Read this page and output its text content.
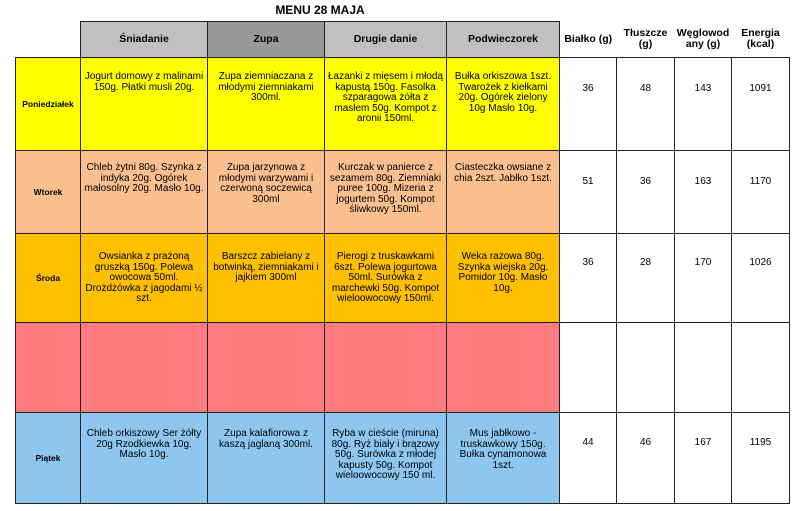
MENU 28 MAJA
	Śniadanie	Zupa	Drugie danie	Podwieczorek	Białko (g)	Tłuszcze (g)	Węglowod any (g)	Energia (kcal)
Poniedziałek	Jogurt domowy z malinami 150g. Płatki musli 20g.	Zupa ziemniaczana z młodymi ziemniakami 300ml.	Łazanki z mięsem i młodą kapustą 150g. Fasolka szparagowa żółta z masłem 50g. Kompot z aronii 150ml.	Bułka orkiszowa 1szt. Twarożek z kiełkami 20g. Ogórek zielony 10g Masło 10g.	36	48	143	1091
Wtorek	Chleb żytni 80g. Szynka z indyka 20g. Ogórek małosolny 20g. Masło 10g.	Zupa jarzynowa z młodymi warzywami i czerwoną soczewicą 300ml	Kurczak w panierce z sezamem 80g. Ziemniaki puree 100g. Mizeria z jogurtem 50g. Kompot śliwkowy 150ml.	Ciasteczka owsiane z chia 2szt. Jabłko 1szt.	51	36	163	1170
Środa	Owsianka z prażoną gruszką 150g. Polewa owocowa 50ml. Drożdżówka z jagodami ½ szt.	Barszcz zabielany z botwinką, ziemniakami i jajkiem 300ml	Pierogi z truskawkami 6szt. Polewa jogurtowa 50ml. Surówka z marchewki 50g. Kompot wieloowocowy 150ml.	Weka razowa 80g. Szynka wiejska 20g. Pomidor 10g. Masło 10g.	36	28	170	1026

Piątek	Chleb orkiszowy Ser żółty 20g Rzodkiewka 10g. Masło 10g.	Zupa kalafiorowa z kaszą jaglaną 300ml.	Ryba w cieście (miruna) 80g. Ryż biały i brązowy 50g. Surówka z młodej kapusty 50g. Kompot wieloowocowy 150 ml.	Mus jabłkowo - truskawkowy 150g. Bułka cynamonowa 1szt.	44	46	167	1195
